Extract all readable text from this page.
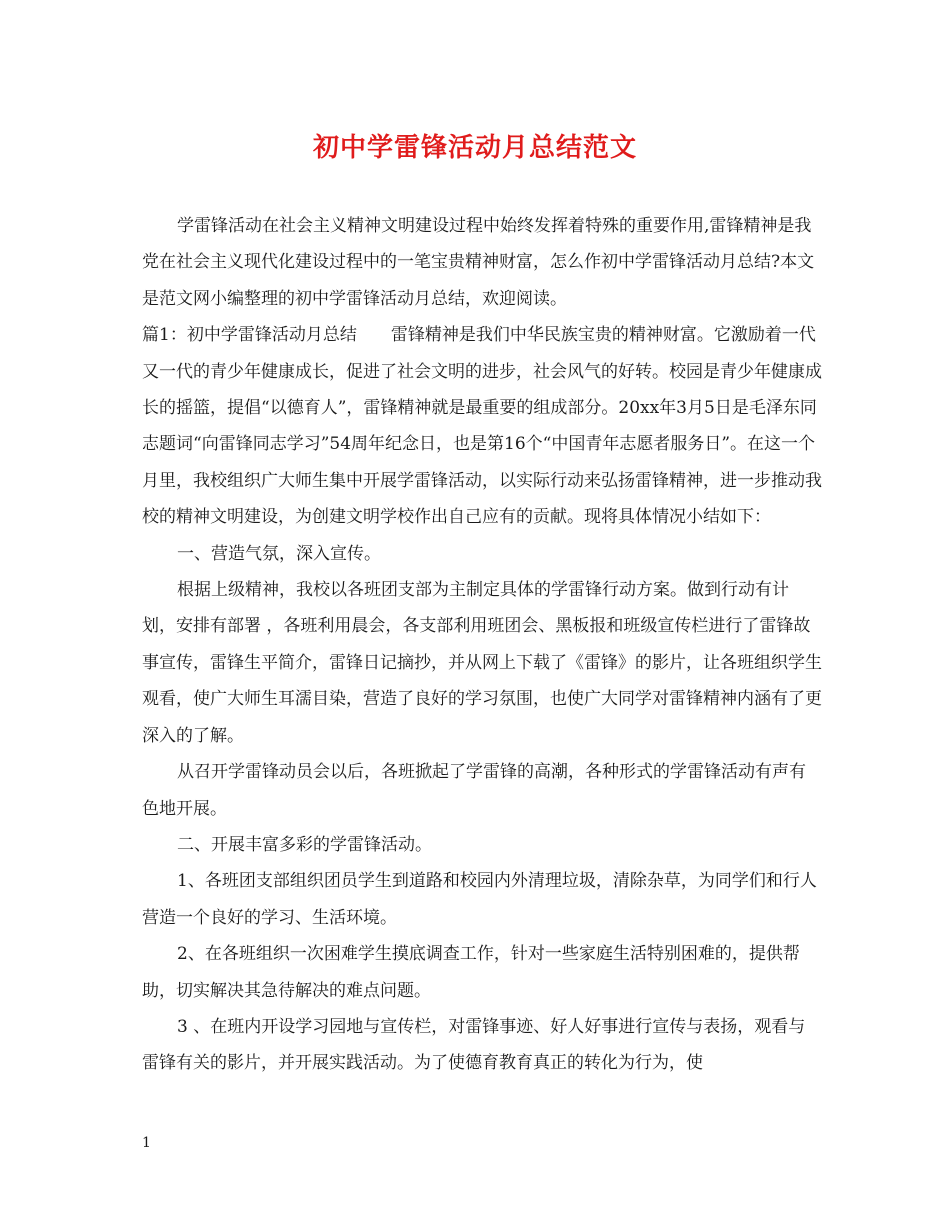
初中学雷锋活动月总结范文

学雷锋活动在社会主义精神文明建设过程中始终发挥着特殊的重要作用,雷锋精神是我党在社会主义现代化建设过程中的一笔宝贵精神财富，怎么作初中学雷锋活动月总结?本文是范文网小编整理的初中学雷锋活动月总结，欢迎阅读。

篇1：初中学雷锋活动月总结　　雷锋精神是我们中华民族宝贵的精神财富。它激励着一代又一代的青少年健康成长，促进了社会文明的进步，社会风气的好转。校园是青少年健康成长的摇篮，提倡“以德育人”，雷锋精神就是最重要的组成部分。20xx年3月5日是毛泽东同志题词“向雷锋同志学习”54周年纪念日，也是第16个“中国青年志愿者服务日”。在这一个月里，我校组织广大师生集中开展学雷锋活动，以实际行动来弘扬雷锋精神，进一步推动我校的精神文明建设，为创建文明学校作出自己应有的贡献。现将具体情况小结如下：

一、营造气氛，深入宣传。

根据上级精神，我校以各班团支部为主制定具体的学雷锋行动方案。做到行动有计划，安排有部署 ，各班利用晨会，各支部利用班团会、黑板报和班级宣传栏进行了雷锋故事宣传，雷锋生平简介，雷锋日记摘抄，并从网上下载了《雷锋》的影片，让各班组织学生观看，使广大师生耳濡目染，营造了良好的学习氛围，也使广大同学对雷锋精神内涵有了更深入的了解。

从召开学雷锋动员会以后，各班掀起了学雷锋的高潮，各种形式的学雷锋活动有声有色地开展。

二、开展丰富多彩的学雷锋活动。

1、各班团支部组织团员学生到道路和校园内外清理垃圾，清除杂草，为同学们和行人营造一个良好的学习、生活环境。

2、在各班组织一次困难学生摸底调查工作，针对一些家庭生活特别困难的，提供帮助，切实解决其急待解决的难点问题。

3 、在班内开设学习园地与宣传栏，对雷锋事迹、好人好事进行宣传与表扬，观看与雷锋有关的影片，并开展实践活动。为了使德育教育真正的转化为行为，使

1
